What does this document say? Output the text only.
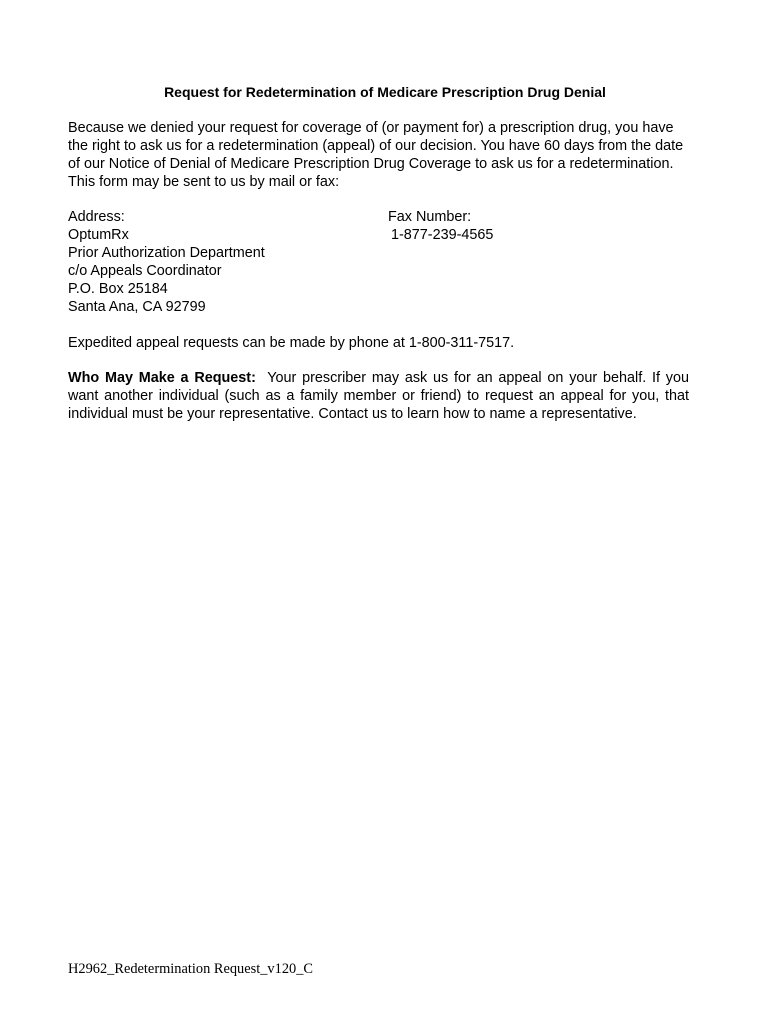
Request for Redetermination of Medicare Prescription Drug Denial
Because we denied your request for coverage of (or payment for) a prescription drug, you have the right to ask us for a redetermination (appeal) of our decision. You have 60 days from the date of our Notice of Denial of Medicare Prescription Drug Coverage to ask us for a redetermination. This form may be sent to us by mail or fax:
Address:
OptumRx
Prior Authorization Department
c/o Appeals Coordinator
P.O. Box 25184
Santa Ana, CA 92799
Fax Number:
1-877-239-4565
Expedited appeal requests can be made by phone at 1-800-311-7517.
Who May Make a Request:  Your prescriber may ask us for an appeal on your behalf. If you want another individual (such as a family member or friend) to request an appeal for you, that individual must be your representative. Contact us to learn how to name a representative.
H2962_Redetermination Request_v120_C
